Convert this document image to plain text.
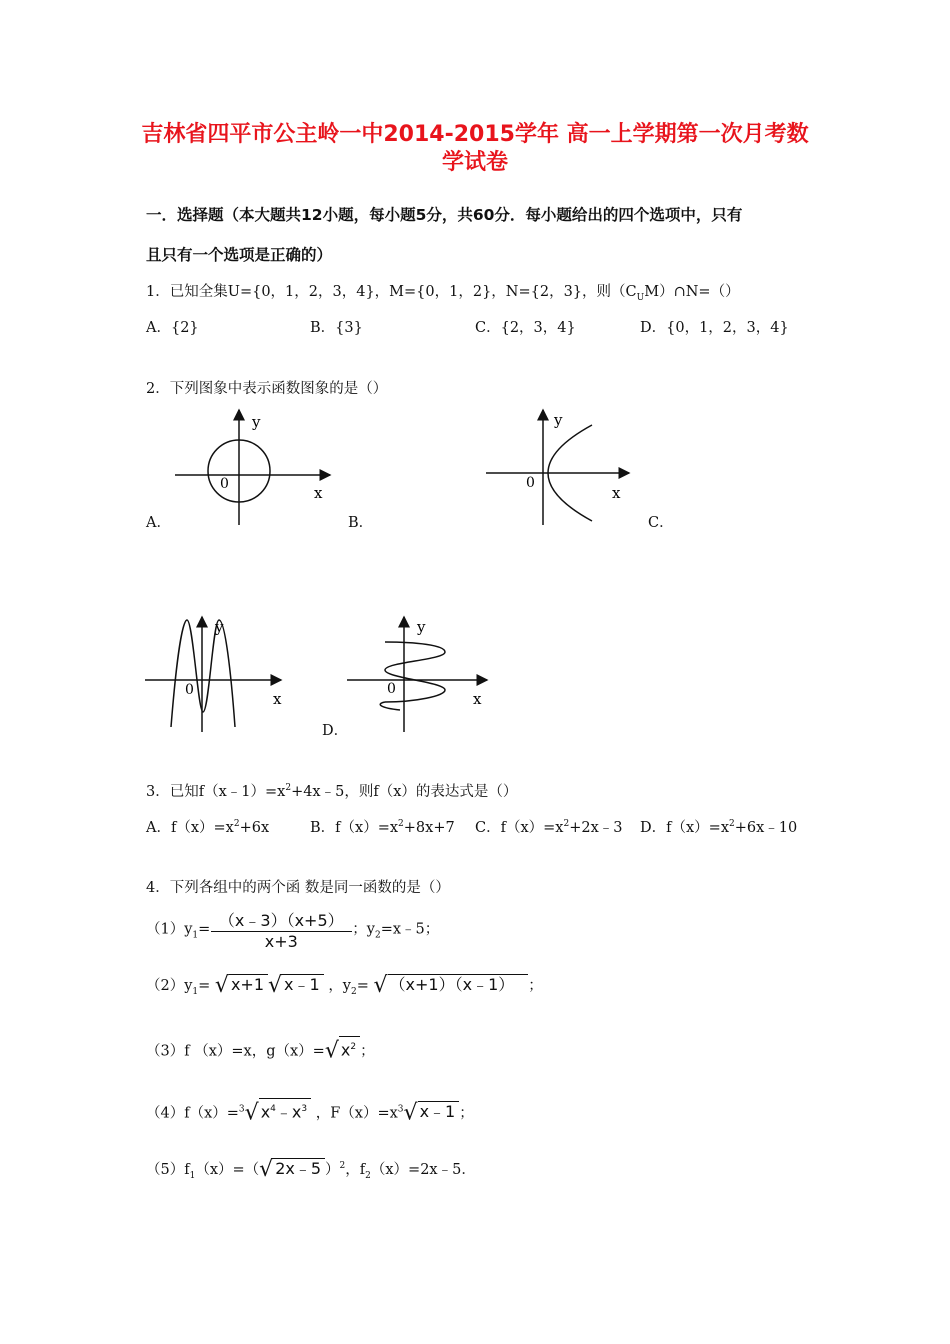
吉林省四平市公主岭一中2014-2015学年 高一上学期第一次月考数
学试卷
一．选择题（本大题共12小题，每小题5分，共60分．每小题给出的四个选项中，只有
且只有一个选项是正确的）
1．已知全集U={0，1，2，3，4}，M={0，1，2}，N={2，3}，则$(C_UM)\cap N=()$
A．{2}	B．{3}	C．{2，3，4}	D．{0，1，2，3，4}
2．下列图象中表示函数图象的是（）
y
x
0
A．	B．
y
x
0
C．
y
x
0
y
x
0
D．
3．已知$f(x﹣1)=x^2+4x﹣5$，则f（x）的表达式是（）
A．$f(x)=x^2+6x$	B．$f(x)=x^2+8x+7$ C．$f(x)=x^2+2x﹣3$ D．$f(x)=x^2+6x﹣10$
4．下列各组中的两个函 数是同一函数的是（）
$(1)y_1= \frac{(x﹣3)(x+5)}{x+3}$ ；$y_2=x﹣5$；
$(2)y_1=$ √ x+1 √ x﹣1 ，$y_2=$ √ （x+1）（x﹣1） ；
（3）f （x）=x，g（x）=√ $x^2$ ；
（4）f（x）=$^3$√ $x^4﹣x^3$ ，$F(x)=x^3√$ x﹣1 ；
$(5)f_1(x)=(√$ 2x﹣5 ）$^2$，$f_2(x)=2x﹣5$．
